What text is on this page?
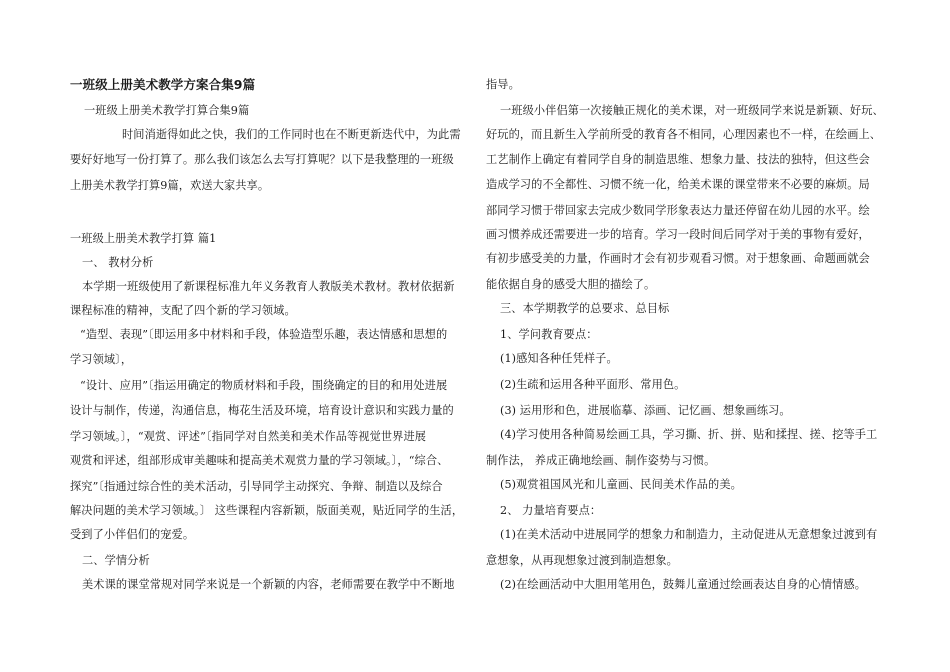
一班级上册美术教学方案合集9篇
一班级上册美术教学打算合集9篇
时间消逝得如此之快，我们的工作同时也在不断更新迭代中，为此需
要好好地写一份打算了。那么我们该怎么去写打算呢？以下是我整理的一班级
上册美术教学打算9篇，欢送大家共享。
一班级上册美术教学打算 篇1
一、 教材分析
本学期一班级使用了新课程标准九年义务教育人教版美术教材。教材依据新
课程标准的精神，支配了四个新的学习领域。
“造型、表现”〔即运用多中材料和手段，体验造型乐趣，表达情感和思想的
学习领域〕，
“设计、应用”〔指运用确定的物质材料和手段，围绕确定的目的和用处进展
设计与制作，传递，沟通信息，梅花生活及环境，培育设计意识和实践力量的
学习领域。〕，“观赏、评述”〔指同学对自然美和美术作品等视觉世界进展
观赏和评述，组部形成审美趣味和提高美术观赏力量的学习领域。〕，“综合、
探究”〔指通过综合性的美术活动，引导同学主动探究、争辩、制造以及综合
解决问题的美术学习领域。〕 这些课程内容新颖，版面美观，贴近同学的生活，
受到了小伴侣们的宠爱。
二、学情分析
美术课的课堂常规对同学来说是一个新颖的内容，老师需要在教学中不断地
指导。
一班级小伴侣第一次接触正规化的美术课，对一班级同学来说是新颖、好玩、
好玩的，而且新生入学前所受的教育各不相同，心理因素也不一样，在绘画上、
工艺制作上确定有着同学自身的制造思维、想象力量、技法的独特，但这些会
造成学习的不全都性、习惯不统一化，给美术课的课堂带来不必要的麻烦。局
部同学习惯于带回家去完成少数同学形象表达力量还停留在幼儿园的水平。绘
画习惯养成还需要进一步的培育。学习一段时间后同学对于美的事物有爱好，
有初步感受美的力量，作画时才会有初步观看习惯。对于想象画、命题画就会
能依据自身的感受大胆的描绘了。
三、本学期教学的总要求、总目标
1、学问教育要点：
(1)感知各种任凭样子。
(2)生疏和运用各种平面形、常用色。
(3) 运用形和色，进展临摹、添画、记忆画、想象画练习。
(4)学习使用各种简易绘画工具，学习撕、折、拼、贴和揉捏、搓、挖等手工
制作法， 养成正确地绘画、制作姿势与习惯。
(5)观赏祖国风光和儿童画、民间美术作品的美。
2、 力量培育要点：
(1)在美术活动中进展同学的想象力和制造力，主动促进从无意想象过渡到有
意想象，从再现想象过渡到制造想象。
(2)在绘画活动中大胆用笔用色，鼓舞儿童通过绘画表达自身的心情情感。
